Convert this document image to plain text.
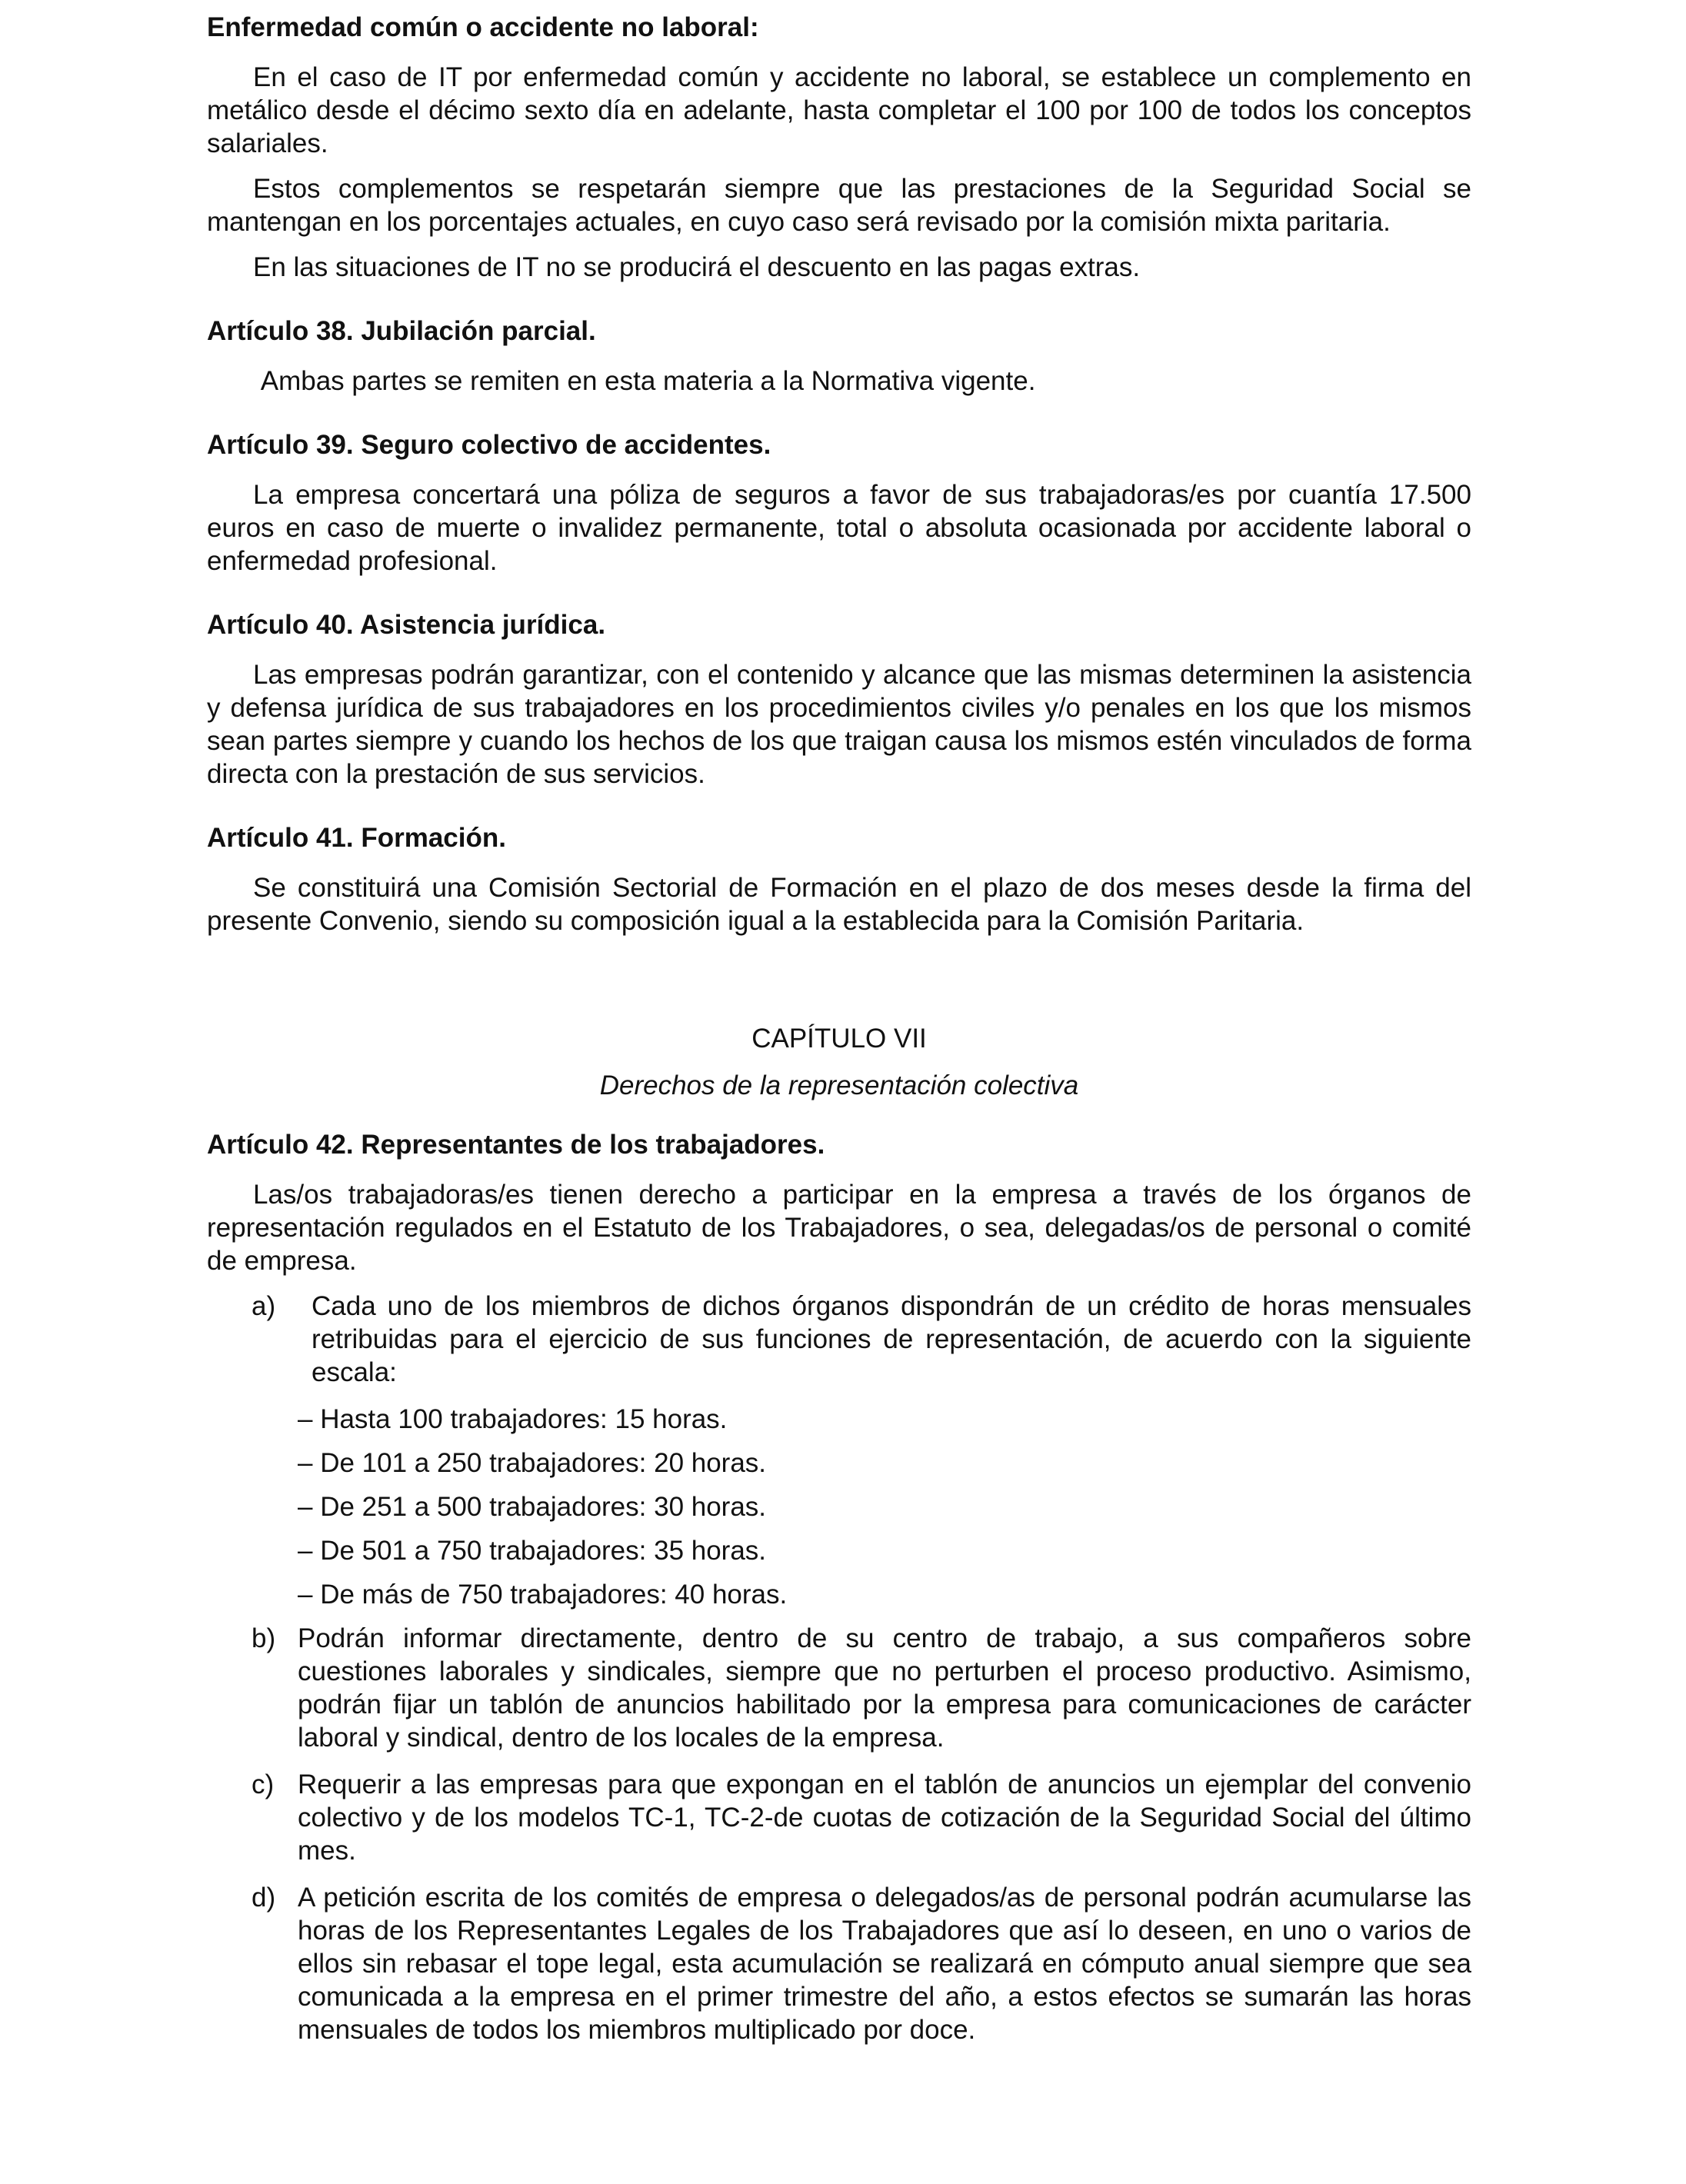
Enfermedad común o accidente no laboral:

En el caso de IT por enfermedad común y accidente no laboral, se establece un complemento en metálico desde el décimo sexto día en adelante, hasta completar el 100 por 100 de todos los conceptos salariales.

Estos complementos se respetarán siempre que las prestaciones de la Seguridad Social se mantengan en los porcentajes actuales, en cuyo caso será revisado por la comisión mixta paritaria.

En las situaciones de IT no se producirá el descuento en las pagas extras.

Artículo 38. Jubilación parcial.

Ambas partes se remiten en esta materia a la Normativa vigente.

Artículo 39. Seguro colectivo de accidentes.

La empresa concertará una póliza de seguros a favor de sus trabajadoras/es por cuantía 17.500 euros en caso de muerte o invalidez permanente, total o absoluta ocasionada por accidente laboral o enfermedad profesional.

Artículo 40. Asistencia jurídica.

Las empresas podrán garantizar, con el contenido y alcance que las mismas determinen la asistencia y defensa jurídica de sus trabajadores en los procedimientos civiles y/o penales en los que los mismos sean partes siempre y cuando los hechos de los que traigan causa los mismos estén vinculados de forma directa con la prestación de sus servicios.

Artículo 41. Formación.

Se constituirá una Comisión Sectorial de Formación en el plazo de dos meses desde la firma del presente Convenio, siendo su composición igual a la establecida para la Comisión Paritaria.

CAPÍTULO VII
Derechos de la representación colectiva
Artículo 42. Representantes de los trabajadores.

Las/os trabajadoras/es tienen derecho a participar en la empresa a través de los órganos de representación regulados en el Estatuto de los Trabajadores, o sea, delegadas/os de personal o comité de empresa.

a)	Cada uno de los miembros de dichos órganos dispondrán de un crédito de horas mensuales retribuidas para el ejercicio de sus funciones de representación, de acuerdo con la siguiente escala:
– Hasta 100 trabajadores: 15 horas.
– De 101 a 250 trabajadores: 20 horas.
– De 251 a 500 trabajadores: 30 horas.
– De 501 a 750 trabajadores: 35 horas.
– De más de 750 trabajadores: 40 horas.
b) Podrán informar directamente, dentro de su centro de trabajo, a sus compañeros sobre cuestiones laborales y sindicales, siempre que no perturben el proceso productivo. Asimismo, podrán fijar un tablón de anuncios habilitado por la empresa para comunicaciones de carácter laboral y sindical, dentro de los locales de la empresa.
c) Requerir a las empresas para que expongan en el tablón de anuncios un ejemplar del convenio colectivo y de los modelos TC-1, TC-2-de cuotas de cotización de la Seguridad Social del último mes.
d) A petición escrita de los comités de empresa o delegados/as de personal podrán acumularse las horas de los Representantes Legales de los Trabajadores que así lo deseen, en uno o varios de ellos sin rebasar el tope legal, esta acumulación se realizará en cómputo anual siempre que sea comunicada a la empresa en el primer trimestre del año, a estos efectos se sumarán las horas mensuales de todos los miembros multiplicado por doce.
